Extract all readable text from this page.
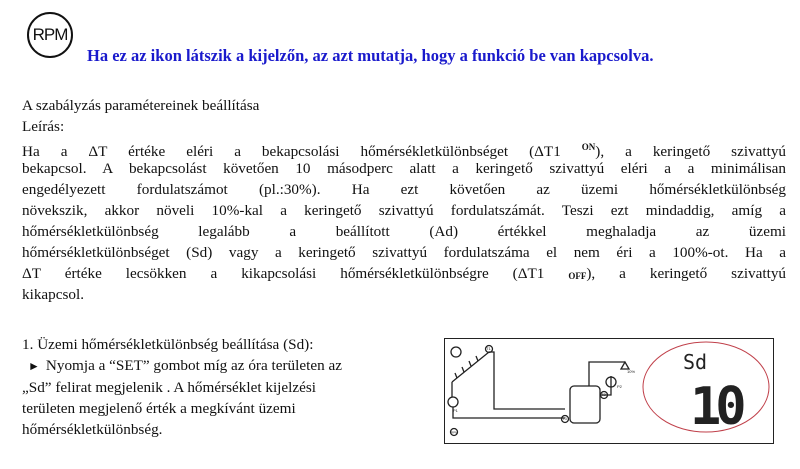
RPM
Ha ez az ikon látszik a kijelzőn, az azt mutatja, hogy a funkció be van kapcsolva.
A szabályzás paramétereinek beállítása
Leírás:
Ha a ΔT értéke eléri a bekapcsolási hőmérsékletkülönbséget (ΔT1 $^{ON}$), a keringető szivattyú
bekapcsol. A bekapcsolást követően 10 másodperc alatt a keringető szivattyú eléri a a minimálisan
engedélyezett fordulatszámot (pl.:30%). Ha ezt követően az üzemi hőmérsékletkülönbség
növekszik, akkor növeli 10%-kal a keringető szivattyú fordulatszámát. Teszi ezt mindaddig, amíg a
hőmérsékletkülönbség legalább a beállított (Ad) értékkel meghaladja az üzemi
hőmérsékletkülönbséget (Sd) vagy a keringető szivattyú fordulatszáma el nem éri a 100%-ot. Ha a
ΔT értéke lecsökken a kikapcsolási hőmérsékletkülönbségre (ΔT1 $_{OFF}$), a keringető szivattyú
kikapcsol.
1. Üzemi hőmérsékletkülönbség beállítása (Sd):
► Nyomja a “SET” gombot míg az óra területen az
„Sd” felirat megjelenik . A hőmérséklet kijelzési
területen megjelenő érték a megkívánt üzemi
hőmérsékletkülönbség.
T1
T3
T2
P1
P2
10%
RPM
Sd
10
